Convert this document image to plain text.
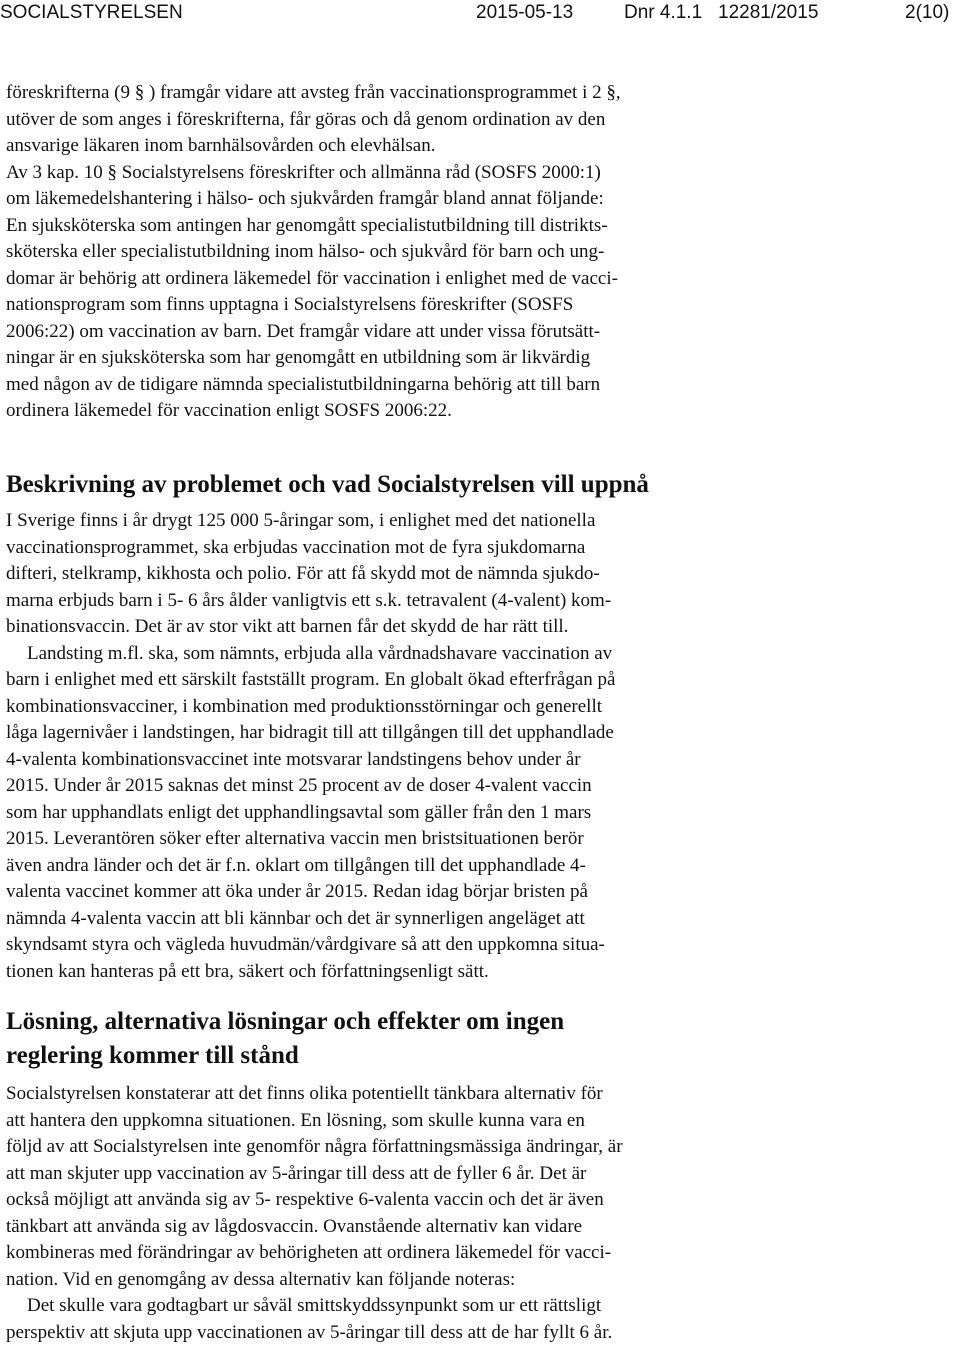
SOCIALSTYRELSEN	2015-05-13	Dnr 4.1.1 12281/2015	2(10)
föreskrifterna (9 § ) framgår vidare att avsteg från vaccinationsprogrammet i 2 §,
utöver de som anges i föreskrifterna, får göras och då genom ordination av den
ansvarige läkaren inom barnhälsovården och elevhälsan.
Av 3 kap. 10 § Socialstyrelsens föreskrifter och allmänna råd (SOSFS 2000:1)
om läkemedelshantering i hälso- och sjukvården framgår bland annat följande:
En sjuksköterska som antingen har genomgått specialistutbildning till distrikts-
sköterska eller specialistutbildning inom hälso- och sjukvård för barn och ung-
domar är behörig att ordinera läkemedel för vaccination i enlighet med de vacci-
nationsprogram som finns upptagna i Socialstyrelsens föreskrifter (SOSFS
2006:22) om vaccination av barn. Det framgår vidare att under vissa förutsätt-
ningar är en sjuksköterska som har genomgått en utbildning som är likvärdig
med någon av de tidigare nämnda specialistutbildningarna behörig att till barn
ordinera läkemedel för vaccination enligt SOSFS 2006:22.
Beskrivning av problemet och vad Socialstyrelsen vill uppnå
I Sverige finns i år drygt 125 000 5-åringar som, i enlighet med det nationella
vaccinationsprogrammet, ska erbjudas vaccination mot de fyra sjukdomarna
difteri, stelkramp, kikhosta och polio. För att få skydd mot de nämnda sjukdo-
marna erbjuds barn i 5- 6 års ålder vanligtvis ett s.k. tetravalent (4-valent) kom-
binationsvaccin. Det är av stor vikt att barnen får det skydd de har rätt till.
Landsting m.fl. ska, som nämnts, erbjuda alla vårdnadshavare vaccination av
barn i enlighet med ett särskilt fastställt program. En globalt ökad efterfrågan på
kombinationsvacciner, i kombination med produktionsstörningar och generellt
låga lagernivåer i landstingen, har bidragit till att tillgången till det upphandlade
4-valenta kombinationsvaccinet inte motsvarar landstingens behov under år
2015. Under år 2015 saknas det minst 25 procent av de doser 4-valent vaccin
som har upphandlats enligt det upphandlingsavtal som gäller från den 1 mars
2015. Leverantören söker efter alternativa vaccin men bristsituationen berör
även andra länder och det är f.n. oklart om tillgången till det upphandlade 4-
valenta vaccinet kommer att öka under år 2015. Redan idag börjar bristen på
nämnda 4-valenta vaccin att bli kännbar och det är synnerligen angeläget att
skyndsamt styra och vägleda huvudmän/vårdgivare så att den uppkomna situa-
tionen kan hanteras på ett bra, säkert och författningsenligt sätt.
Lösning, alternativa lösningar och effekter om ingen
reglering kommer till stånd
Socialstyrelsen konstaterar att det finns olika potentiellt tänkbara alternativ för
att hantera den uppkomna situationen. En lösning, som skulle kunna vara en
följd av att Socialstyrelsen inte genomför några författningsmässiga ändringar, är
att man skjuter upp vaccination av 5-åringar till dess att de fyller 6 år. Det är
också möjligt att använda sig av 5- respektive 6-valenta vaccin och det är även
tänkbart att använda sig av lågdosvaccin. Ovanstående alternativ kan vidare
kombineras med förändringar av behörigheten att ordinera läkemedel för vacci-
nation. Vid en genomgång av dessa alternativ kan följande noteras:
Det skulle vara godtagbart ur såväl smittskyddssynpunkt som ur ett rättsligt
perspektiv att skjuta upp vaccinationen av 5-åringar till dess att de har fyllt 6 år.
